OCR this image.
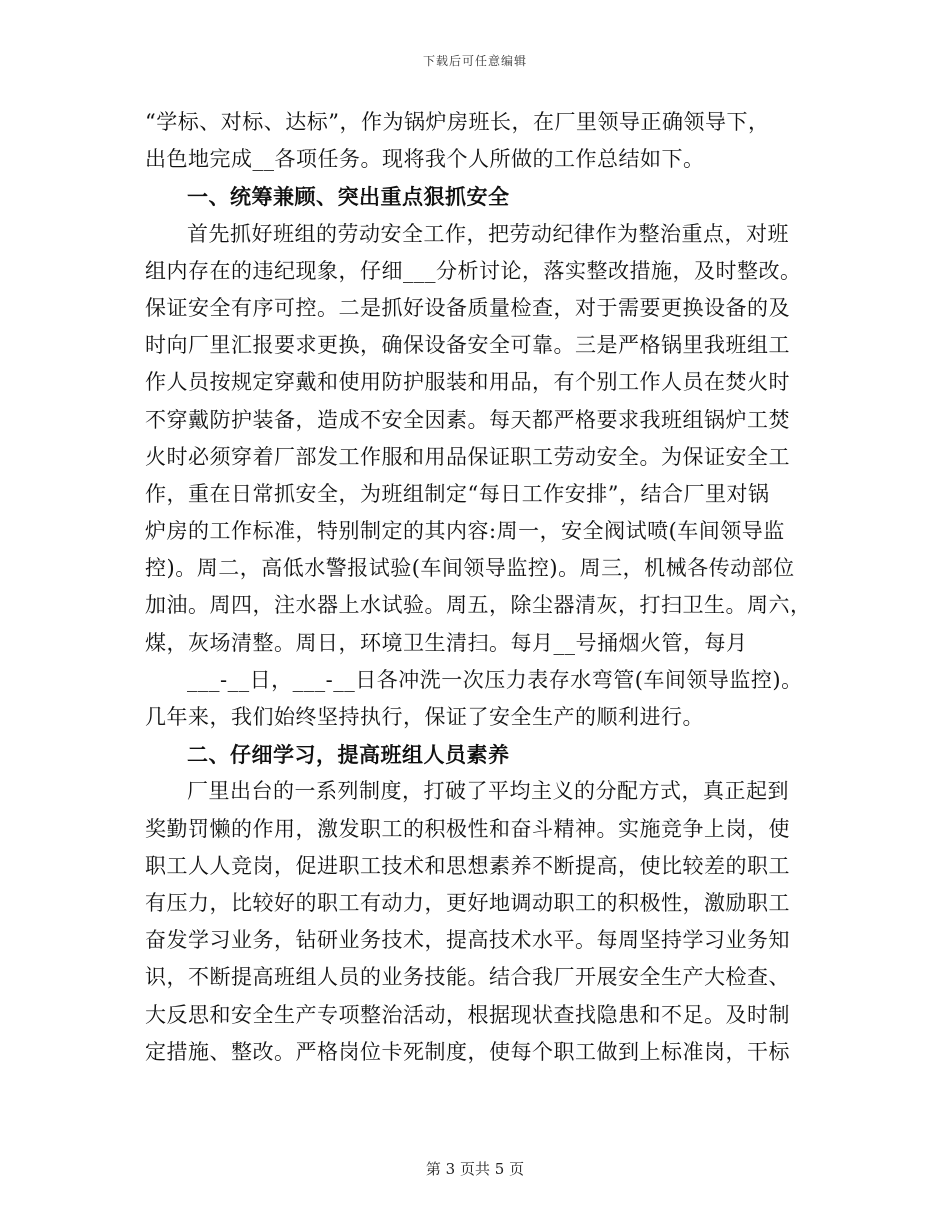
下载后可任意编辑
“学标、对标、达标”，作为锅炉房班长，在厂里领导正确领导下，
出色地完成__各项任务。现将我个人所做的工作总结如下。
一、统筹兼顾、突出重点狠抓安全
首先抓好班组的劳动安全工作，把劳动纪律作为整治重点，对班
组内存在的违纪现象，仔细___分析讨论，落实整改措施，及时整改。
保证安全有序可控。二是抓好设备质量检查，对于需要更换设备的及
时向厂里汇报要求更换，确保设备安全可靠。三是严格锅里我班组工
作人员按规定穿戴和使用防护服装和用品，有个别工作人员在焚火时
不穿戴防护装备，造成不安全因素。每天都严格要求我班组锅炉工焚
火时必须穿着厂部发工作服和用品保证职工劳动安全。为保证安全工
作，重在日常抓安全，为班组制定“每日工作安排”，结合厂里对锅
炉房的工作标准，特别制定的其内容:周一，安全阀试喷(车间领导监
控)。周二，高低水警报试验(车间领导监控)。周三，机械各传动部位
加油。周四，注水器上水试验。周五，除尘器清灰，打扫卫生。周六，
煤，灰场清整。周日，环境卫生清扫。每月__号捅烟火管，每月
___-__日，___-__日各冲洗一次压力表存水弯管(车间领导监控)。
几年来，我们始终坚持执行，保证了安全生产的顺利进行。
二、仔细学习，提高班组人员素养
厂里出台的一系列制度，打破了平均主义的分配方式，真正起到
奖勤罚懒的作用，激发职工的积极性和奋斗精神。实施竞争上岗，使
职工人人竞岗，促进职工技术和思想素养不断提高，使比较差的职工
有压力，比较好的职工有动力，更好地调动职工的积极性，激励职工
奋发学习业务，钻研业务技术，提高技术水平。每周坚持学习业务知
识，不断提高班组人员的业务技能。结合我厂开展安全生产大检查、
大反思和安全生产专项整治活动，根据现状查找隐患和不足。及时制
定措施、整改。严格岗位卡死制度，使每个职工做到上标准岗，干标
第 3 页共 5 页
